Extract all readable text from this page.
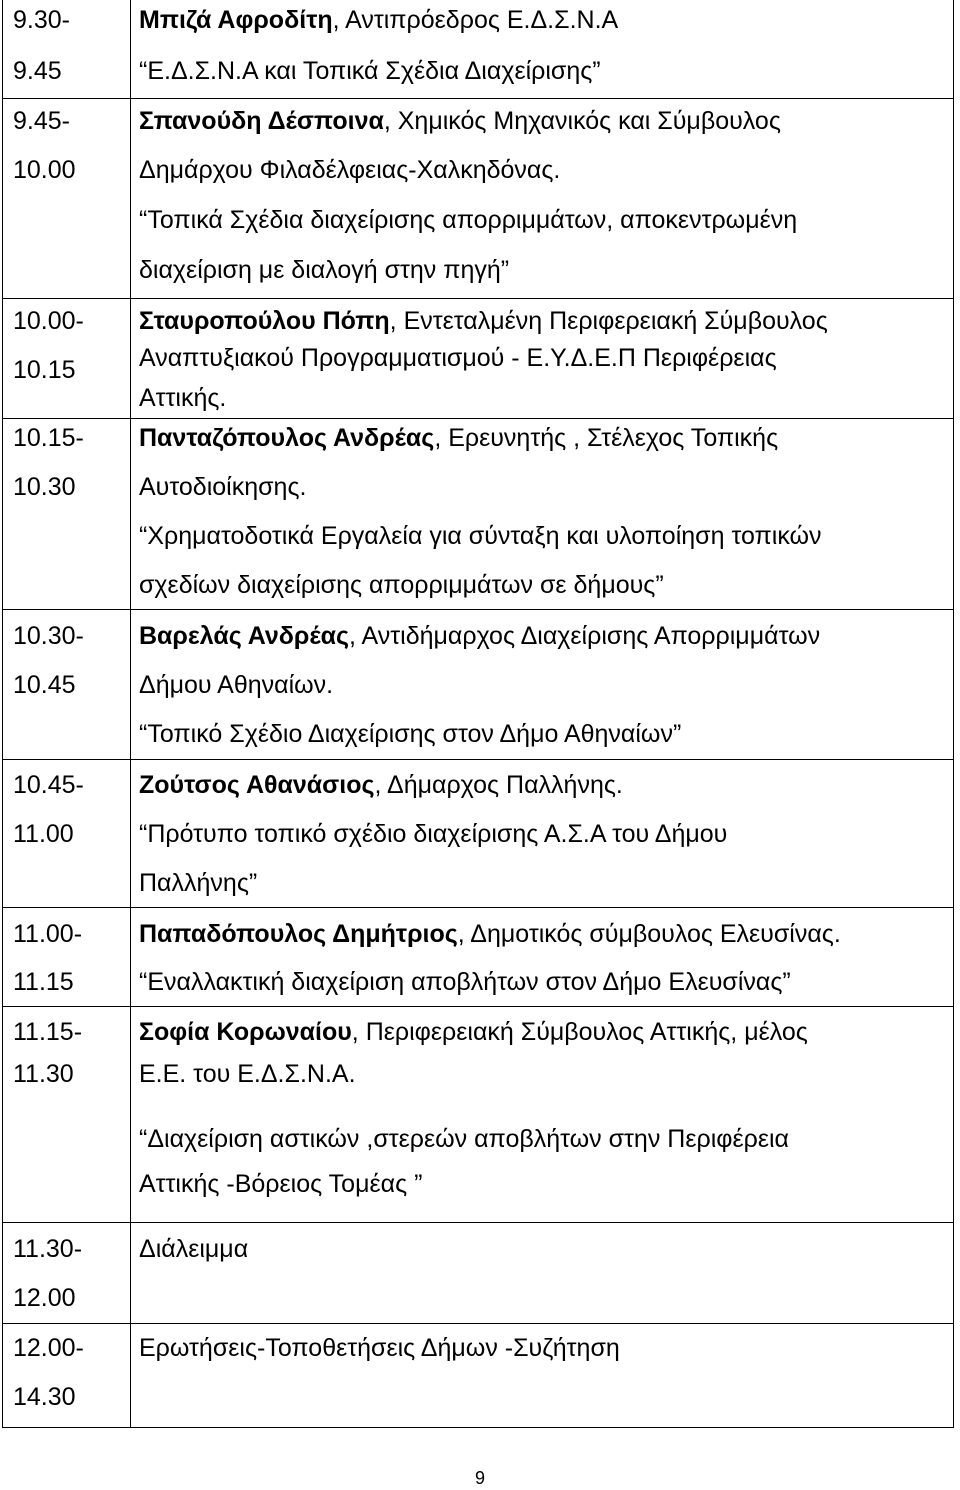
9.30-
9.45
Μπιζά Αφροδίτη, Αντιπρόεδρος Ε.Δ.Σ.Ν.Α
“Ε.Δ.Σ.Ν.Α και Τοπικά Σχέδια Διαχείρισης”
9.45-
10.00
Σπανούδη Δέσποινα, Χημικός Μηχανικός και Σύμβουλος
Δημάρχου Φιλαδέλφειας-Χαλκηδόνας.
“Τοπικά Σχέδια διαχείρισης απορριμμάτων, αποκεντρωμένη
διαχείριση με διαλογή στην πηγή”
10.00-
10.15
Σταυροπούλου Πόπη, Εντεταλμένη Περιφερειακή Σύμβουλος
Αναπτυξιακού Προγραμματισμού - Ε.Υ.Δ.Ε.Π Περιφέρειας
Αττικής.
10.15-
10.30
Πανταζόπουλος Ανδρέας, Ερευνητής , Στέλεχος Τοπικής
Αυτοδιοίκησης.
“Χρηματοδοτικά Εργαλεία για σύνταξη και υλοποίηση τοπικών
σχεδίων διαχείρισης απορριμμάτων σε δήμους”
10.30-
10.45
Βαρελάς Ανδρέας, Αντιδήμαρχος Διαχείρισης Απορριμμάτων
Δήμου Αθηναίων.
“Τοπικό Σχέδιο Διαχείρισης στον Δήμο Αθηναίων”
10.45-
11.00
Ζούτσος Αθανάσιος, Δήμαρχος Παλλήνης.
“Πρότυπο τοπικό σχέδιο διαχείρισης Α.Σ.Α του Δήμου
Παλλήνης”
11.00-
11.15
Παπαδόπουλος Δημήτριος, Δημοτικός σύμβουλος Ελευσίνας.
“Εναλλακτική διαχείριση αποβλήτων στον Δήμο Ελευσίνας”
11.15-
11.30
Σοφία Κορωναίου, Περιφερειακή Σύμβουλος Αττικής, μέλος
Ε.Ε. του Ε.Δ.Σ.Ν.Α.
“Διαχείριση αστικών ,στερεών αποβλήτων στην Περιφέρεια
Αττικής -Βόρειος Τομέας ”
11.30-
12.00
Διάλειμμα
12.00-
14.30
Ερωτήσεις-Τοποθετήσεις Δήμων -Συζήτηση
9
